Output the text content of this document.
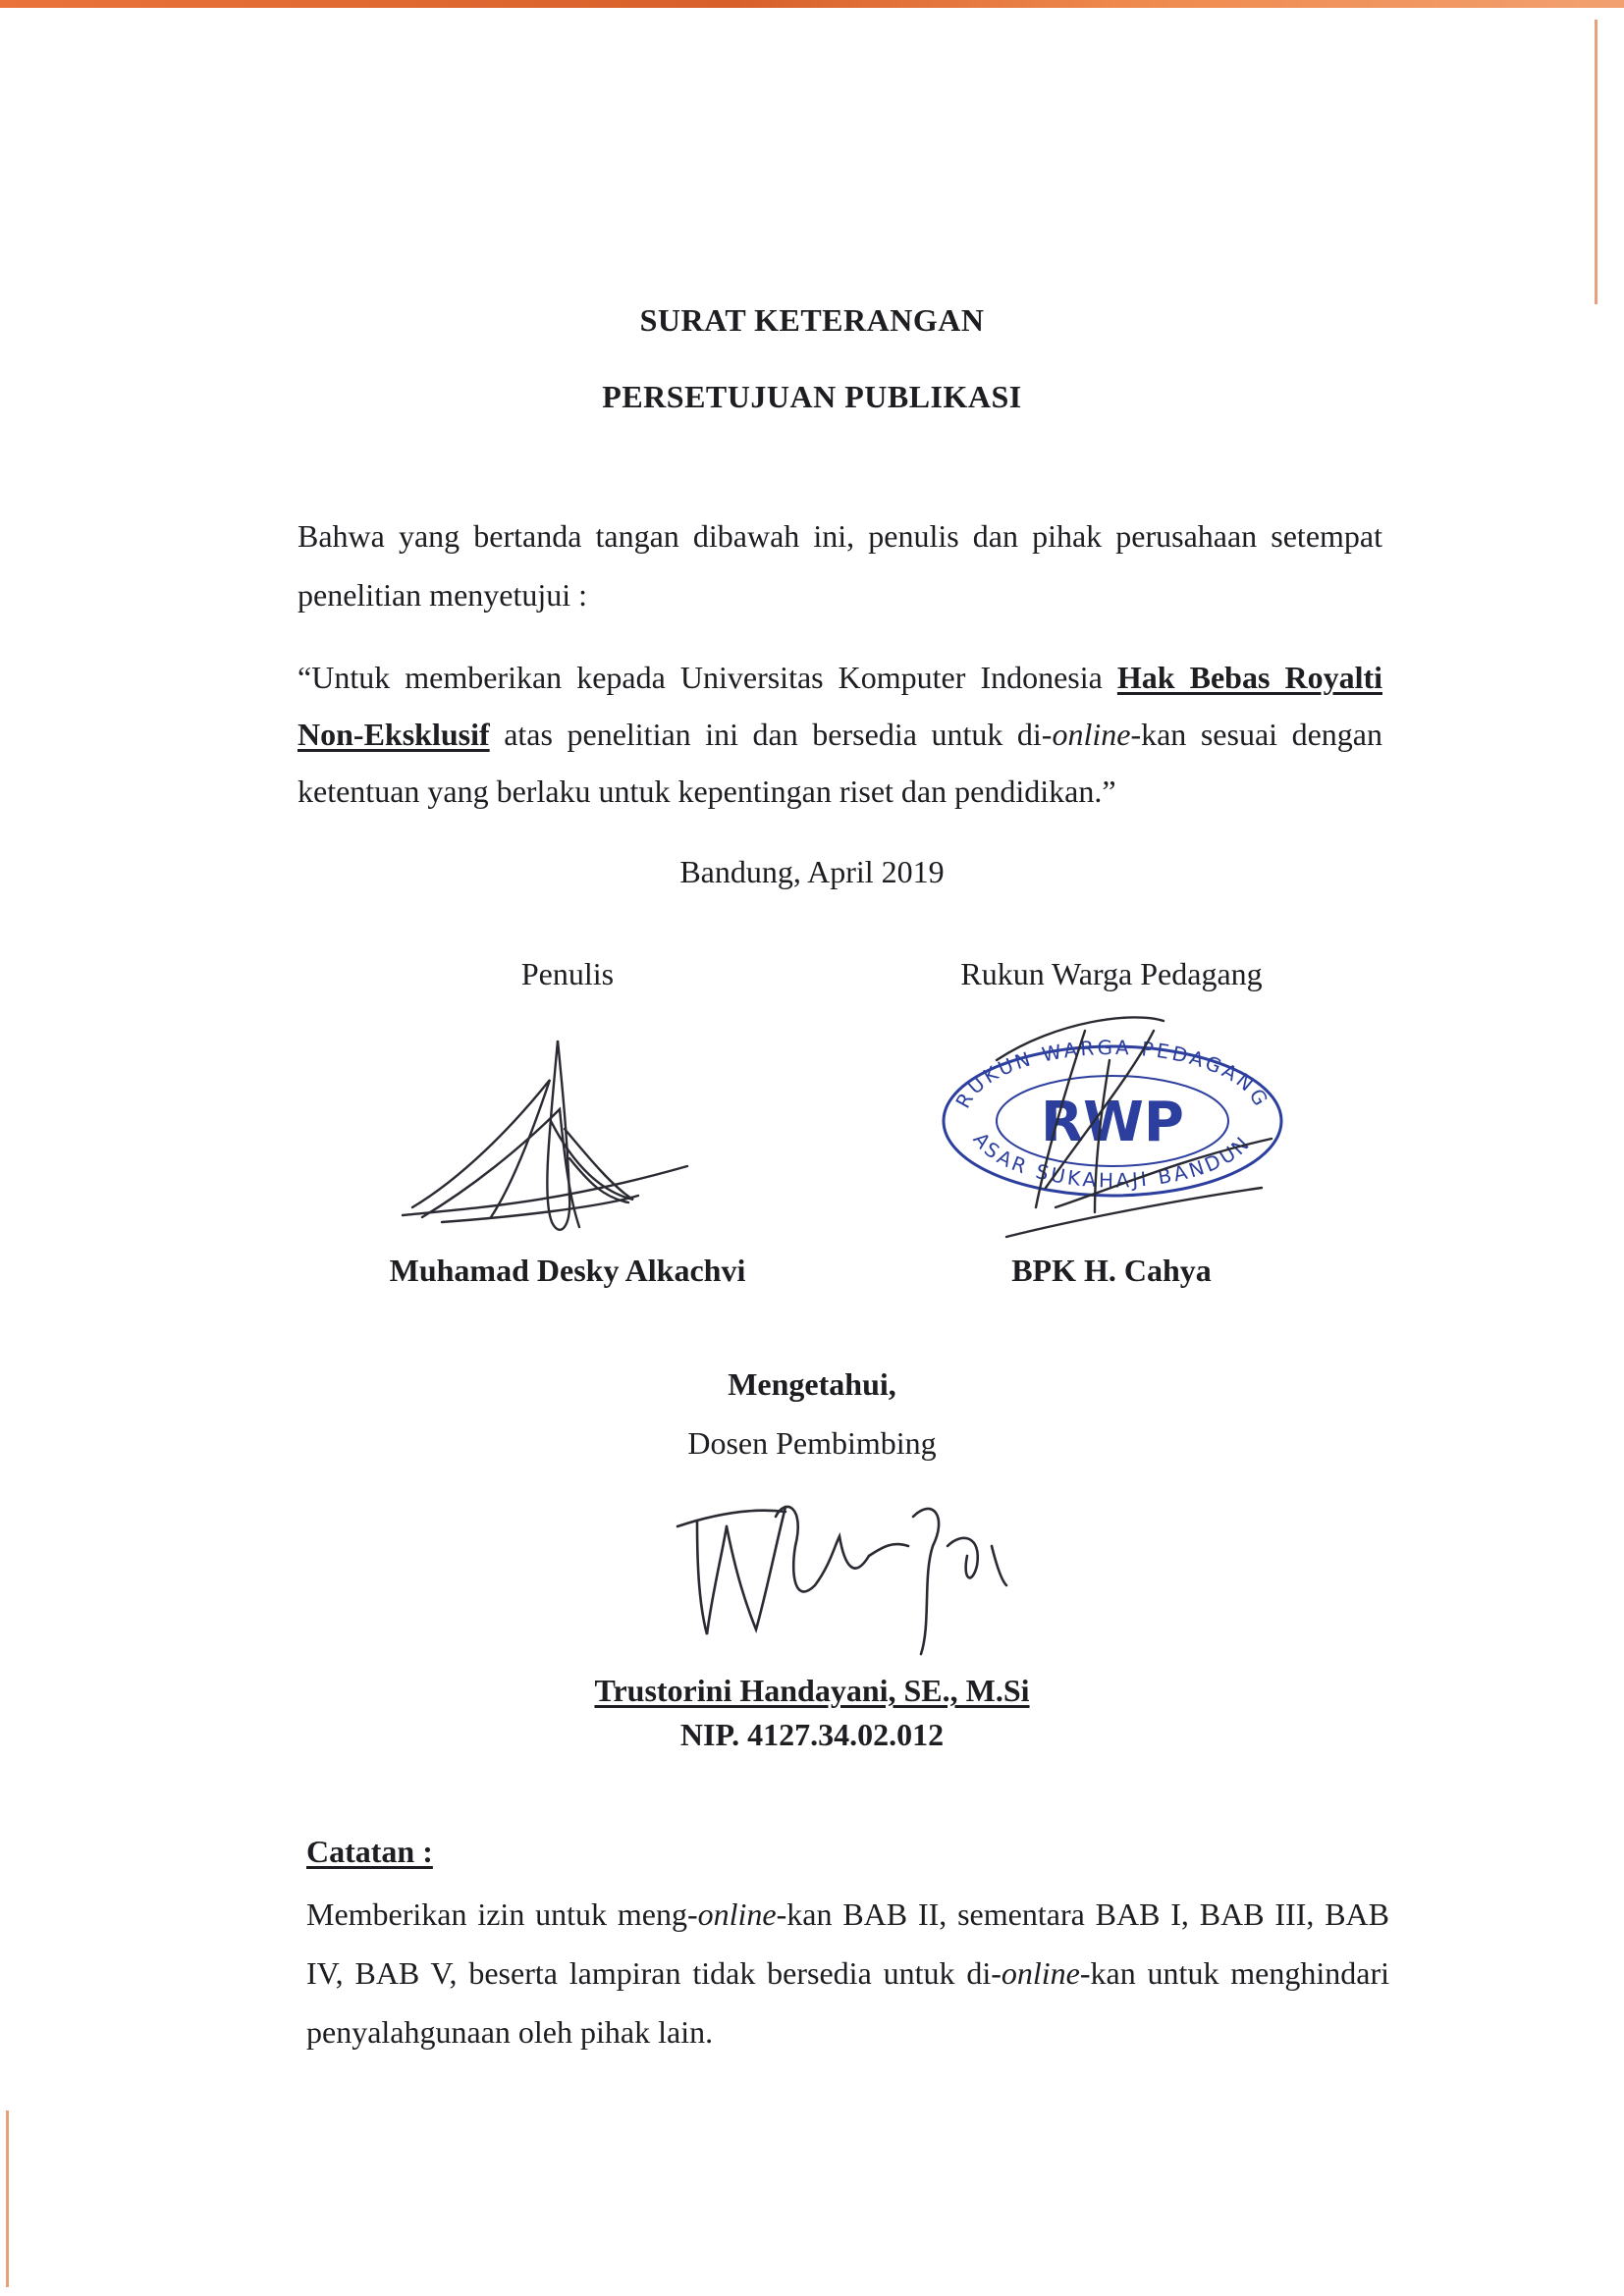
SURAT KETERANGAN

PERSETUJUAN PUBLIKASI

Bahwa yang bertanda tangan dibawah ini, penulis dan pihak perusahaan setempat

penelitian menyetujui :

“Untuk memberikan kepada Universitas Komputer Indonesia Hak Bebas Royalti

Non-Eksklusif atas penelitian ini dan bersedia untuk di-online-kan sesuai dengan

ketentuan yang berlaku untuk kepentingan riset dan pendidikan.”

Bandung, April 2019

Penulis	Rukun Warga Pedagang

RUKUN WARGA PEDAGANG
PASAR SUKAHAJI BANDUNG
RWP

Muhamad Desky Alkachvi	BPK H. Cahya

Mengetahui,

Dosen Pembimbing

Trustorini Handayani, SE., M.Si

NIP. 4127.34.02.012

Catatan :

Memberikan izin untuk meng-online-kan BAB II, sementara BAB I, BAB III, BAB

IV, BAB V, beserta lampiran tidak bersedia untuk di-online-kan untuk menghindari

penyalahgunaan oleh pihak lain.
